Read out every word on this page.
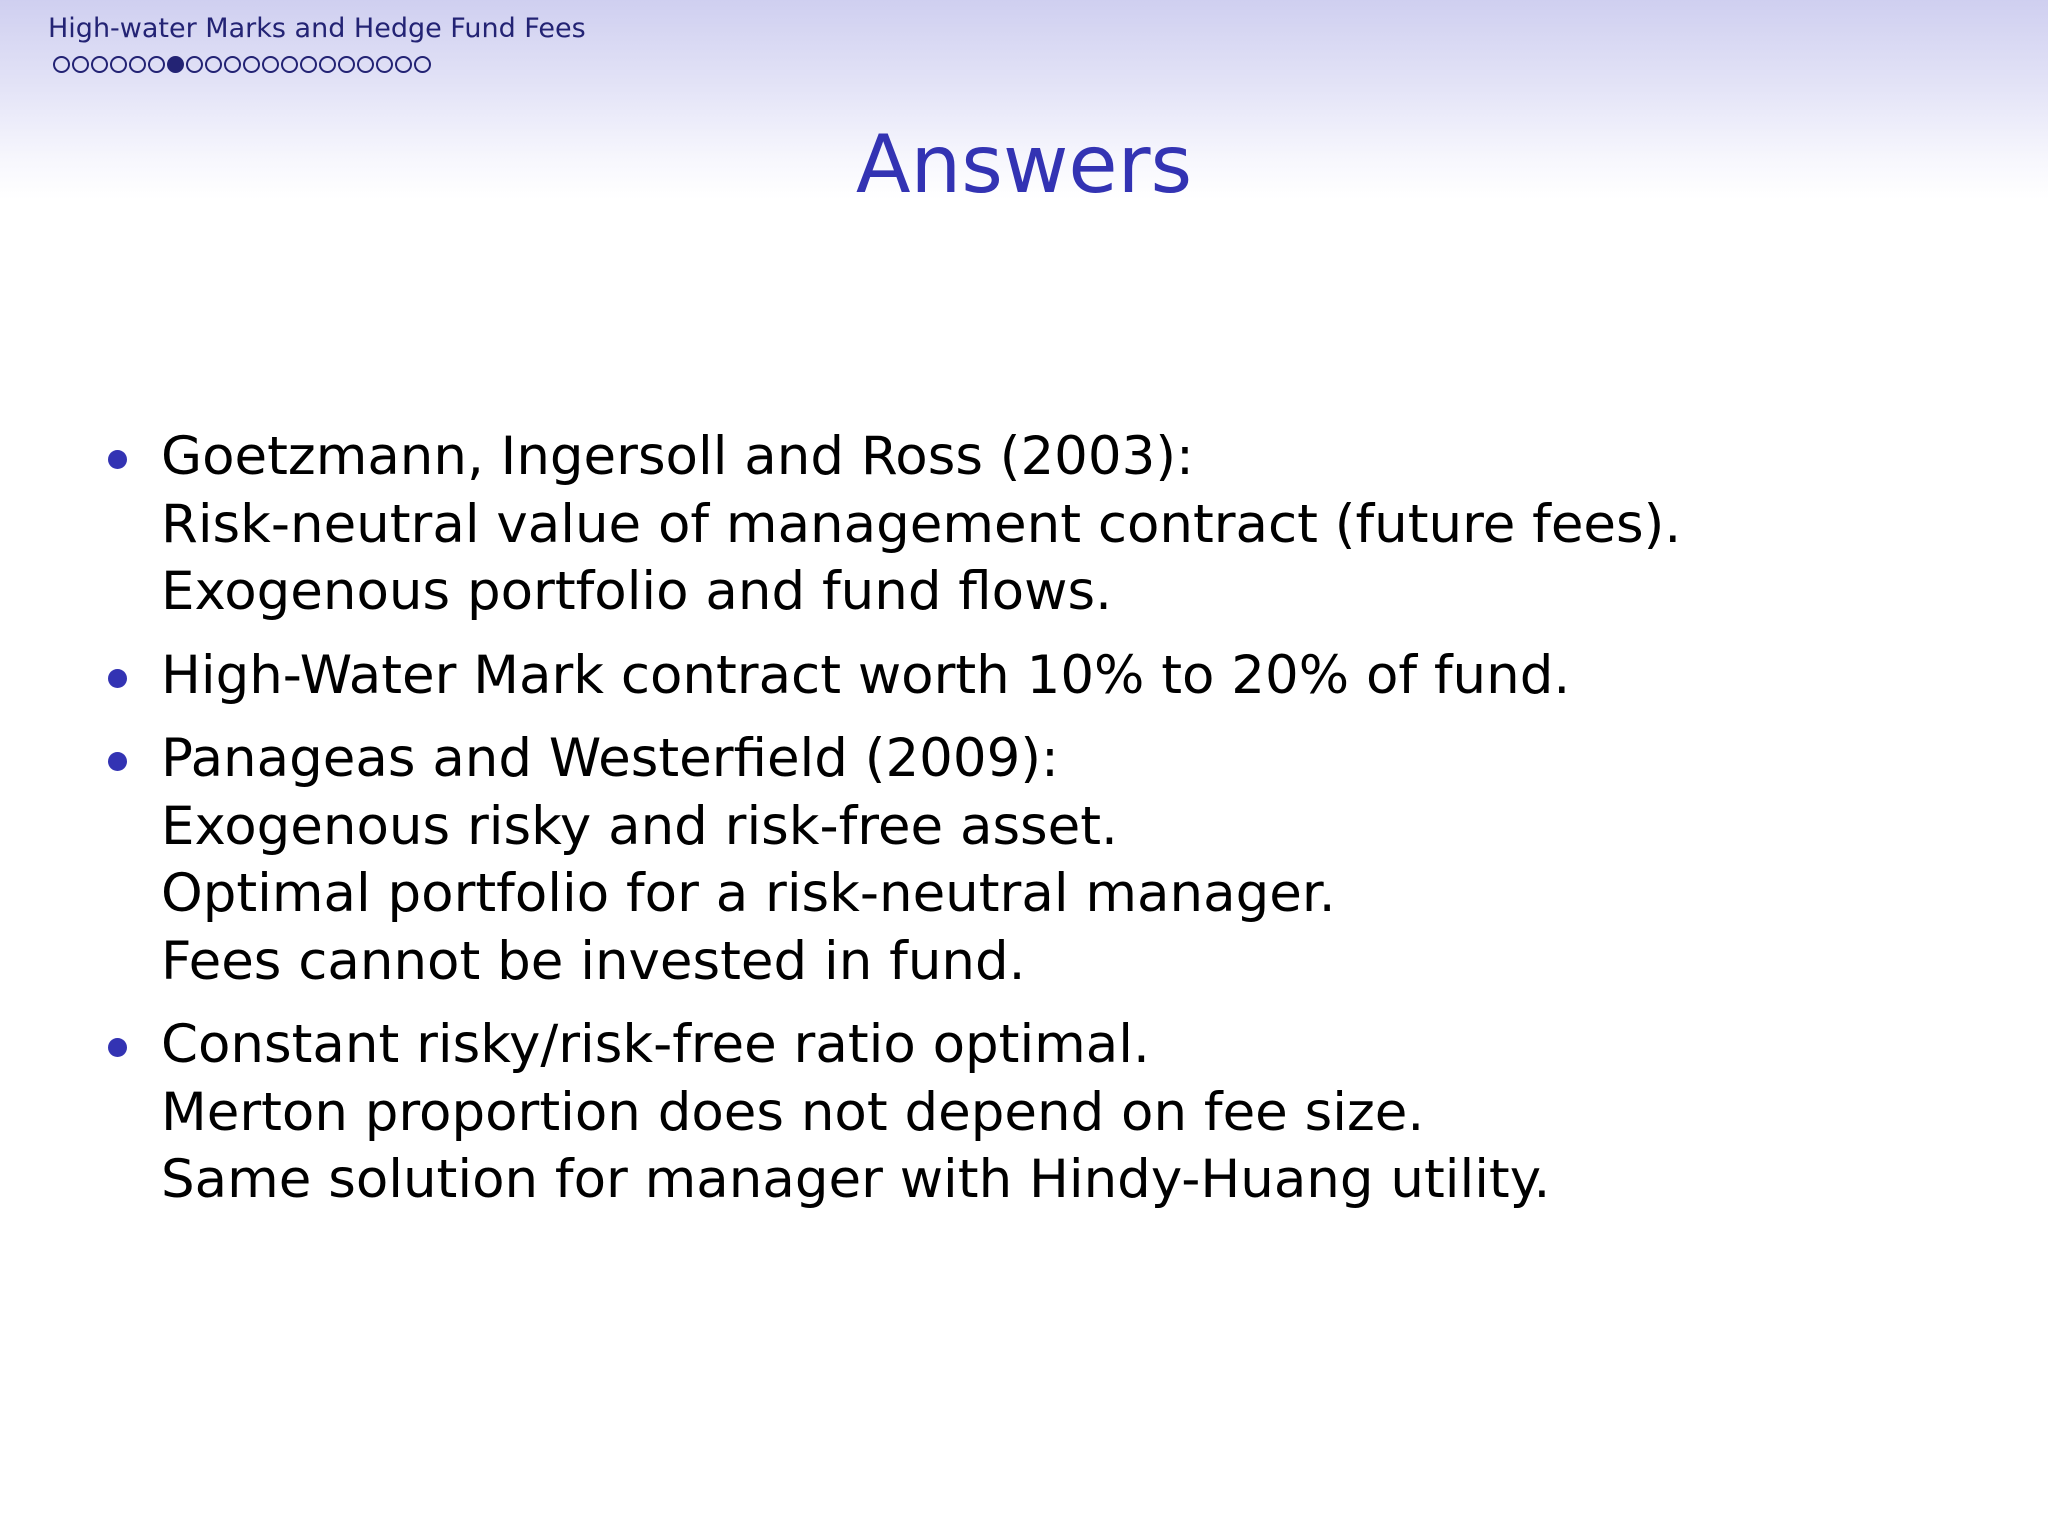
High-water Marks and Hedge Fund Fees
Answers
Goetzmann, Ingersoll and Ross (2003):
Risk-neutral value of management contract (future fees).
Exogenous portfolio and fund flows.
High-Water Mark contract worth 10% to 20% of fund.
Panageas and Westerfield (2009):
Exogenous risky and risk-free asset.
Optimal portfolio for a risk-neutral manager.
Fees cannot be invested in fund.
Constant risky/risk-free ratio optimal.
Merton proportion does not depend on fee size.
Same solution for manager with Hindy-Huang utility.
